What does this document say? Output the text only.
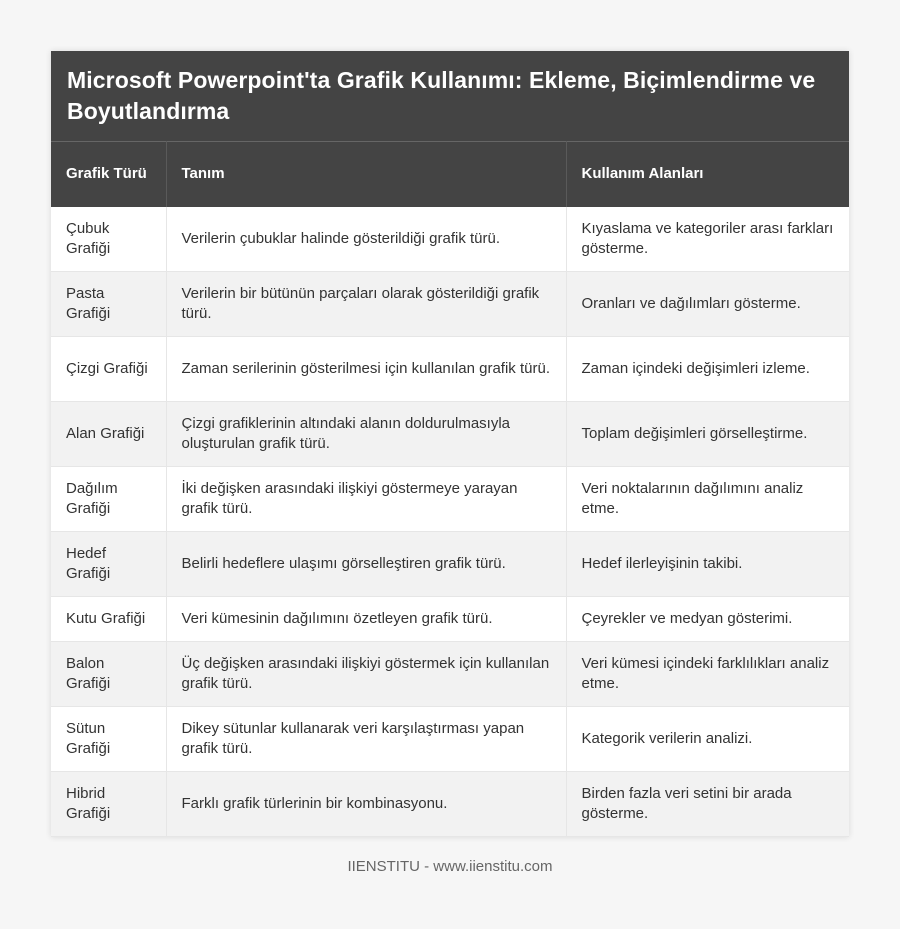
Microsoft Powerpoint'ta Grafik Kullanımı: Ekleme, Biçimlendirme ve Boyutlandırma
Grafik Türü	Tanım	Kullanım Alanları
Çubuk Grafiği	Verilerin çubuklar halinde gösterildiği grafik türü.	Kıyaslama ve kategoriler arası farkları gösterme.
Pasta Grafiği	Verilerin bir bütünün parçaları olarak gösterildiği grafik türü.	Oranları ve dağılımları gösterme.
Çizgi Grafiği	Zaman serilerinin gösterilmesi için kullanılan grafik türü.	Zaman içindeki değişimleri izleme.
Alan Grafiği	Çizgi grafiklerinin altındaki alanın doldurulmasıyla oluşturulan grafik türü.	Toplam değişimleri görselleştirme.
Dağılım Grafiği	İki değişken arasındaki ilişkiyi göstermeye yarayan grafik türü.	Veri noktalarının dağılımını analiz etme.
Hedef Grafiği	Belirli hedeflere ulaşımı görselleştiren grafik türü.	Hedef ilerleyişinin takibi.
Kutu Grafiği	Veri kümesinin dağılımını özetleyen grafik türü.	Çeyrekler ve medyan gösterimi.
Balon Grafiği	Üç değişken arasındaki ilişkiyi göstermek için kullanılan grafik türü.	Veri kümesi içindeki farklılıkları analiz etme.
Sütun Grafiği	Dikey sütunlar kullanarak veri karşılaştırması yapan grafik türü.	Kategorik verilerin analizi.
Hibrid Grafiği	Farklı grafik türlerinin bir kombinasyonu.	Birden fazla veri setini bir arada gösterme.
IIENSTITU - www.iienstitu.com
